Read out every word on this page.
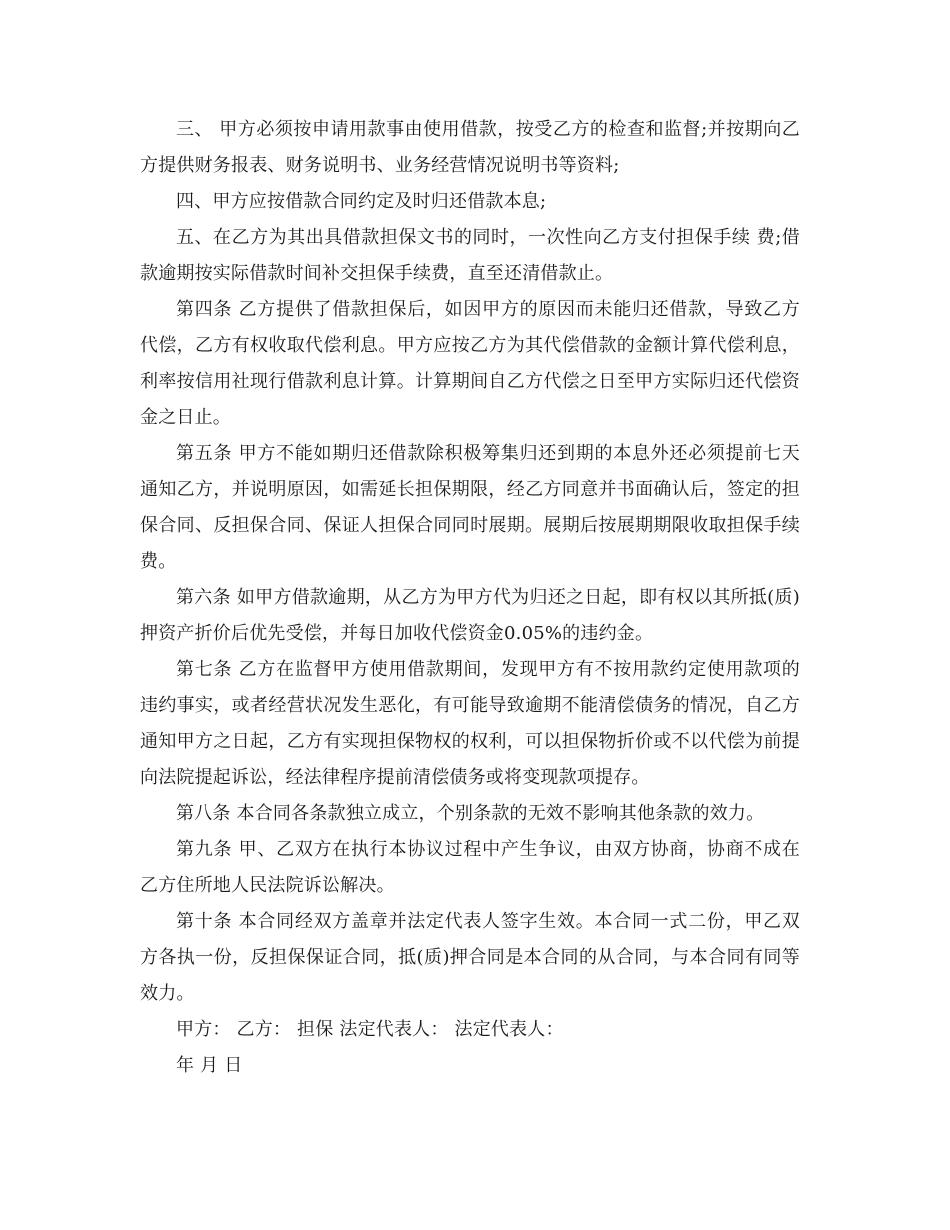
三、 甲方必须按申请用款事由使用借款，按受乙方的检查和监督;并按期向乙方提供财务报表、财务说明书、业务经营情况说明书等资料;

四、甲方应按借款合同约定及时归还借款本息;

五、在乙方为其出具借款担保文书的同时，一次性向乙方支付担保手续 费;借款逾期按实际借款时间补交担保手续费，直至还清借款止。

第四条 乙方提供了借款担保后，如因甲方的原因而未能归还借款，导致乙方代偿，乙方有权收取代偿利息。甲方应按乙方为其代偿借款的金额计算代偿利息，利率按信用社现行借款利息计算。计算期间自乙方代偿之日至甲方实际归还代偿资金之日止。

第五条 甲方不能如期归还借款除积极筹集归还到期的本息外还必须提前七天通知乙方，并说明原因，如需延长担保期限，经乙方同意并书面确认后，签定的担保合同、反担保合同、保证人担保合同同时展期。展期后按展期期限收取担保手续费。

第六条 如甲方借款逾期，从乙方为甲方代为归还之日起，即有权以其所抵(质)押资产折价后优先受偿，并每日加收代偿资金0.05%的违约金。

第七条 乙方在监督甲方使用借款期间，发现甲方有不按用款约定使用款项的违约事实，或者经营状况发生恶化，有可能导致逾期不能清偿债务的情况，自乙方通知甲方之日起，乙方有实现担保物权的权利，可以担保物折价或不以代偿为前提向法院提起诉讼，经法律程序提前清偿债务或将变现款项提存。

第八条 本合同各条款独立成立，个别条款的无效不影响其他条款的效力。

第九条 甲、乙双方在执行本协议过程中产生争议，由双方协商，协商不成在乙方住所地人民法院诉讼解决。

第十条 本合同经双方盖章并法定代表人签字生效。本合同一式二份，甲乙双方各执一份，反担保保证合同，抵(质)押合同是本合同的从合同，与本合同有同等效力。

甲方： 乙方： 担保 法定代表人： 法定代表人：

年 月 日
